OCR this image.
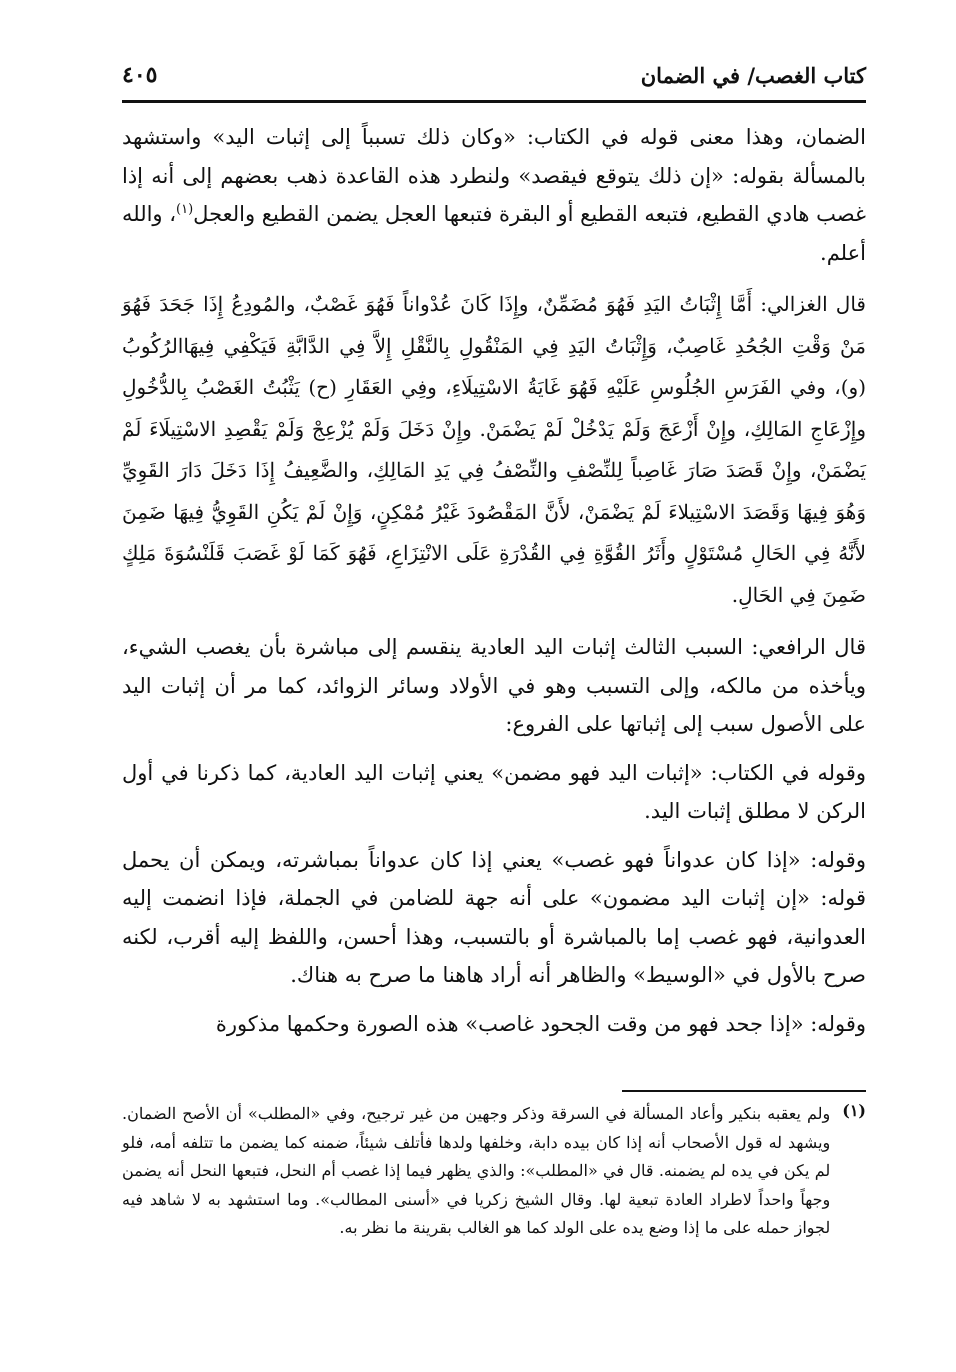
كتاب الغصب/ في الضمان
٤٠٥

الضمان، وهذا معنى قوله في الكتاب: «وكان ذلك تسبباً إلى إثبات اليد» واستشهد بالمسألة بقوله: «إن ذلك يتوقع فيقصد» ولنطرد هذه القاعدة ذهب بعضهم إلى أنه إذا غصب هادي القطيع، فتبعه القطيع أو البقرة فتبعها العجل يضمن القطيع والعجل$^{(١)}$، والله أعلم.

قال الغزالي: أَمَّا إِثْبَاتُ اليَدِ فَهُوَ مُضَمِّنٌ، وإِذَا كَانَ عُدْواناً فَهُوَ غَصْبٌ، والمُودِعُ إِذَا جَحَدَ فَهُوَ مَنْ وَقْتِ الجُحُدِ غَاصِبٌ، وَإِثْبَاتُ اليَدِ فِي المَنْقُولِ بِالنَّقْلِ إِلاَّ فِي الدَّابَّةِ فَيَكْفِي فِيهَاالرُكُوبُ (و)، وفي الفَرَسِ الجُلُوسِ عَلَيْهِ فَهُوَ غَايَةُ الاسْتِيلَاءِ، وفِي العَقَارِ (ح) يَثْبُتُ الغَصْبُ بِالدُّخُولِ وإِزْعَاجِ المَالِكِ، وإِنْ أَزْعَجَ وَلَمْ يَدْخُلْ لَمْ يَضْمَنْ. وإِنْ دَخَلَ وَلَمْ يُزْعِجْ وَلَمْ يَقْصِدِ الاسْتِيلَاءَ لَمْ يَضْمَنْ، وإِنْ قَصَدَ صَارَ غَاصِباً لِلنِّصْفِ والنِّصْفُ فِي يَدِ المَالِكِ، والضَّعِيفُ إِذَا دَخَلَ دَارَ القَوِيِّ وَهُوَ فِيهَا وَقَصَدَ الاسْتِيلاءَ لَمْ يَضْمَنْ، لأَنَّ المَقْصُودَ غَيْرُ مُمْكِنٍ، وَإِنْ لَمْ يَكُنِ القَوِيُّ فِيهَا ضَمِنَ لأَنَّهُ فِي الحَالِ مُسْتَوْلٍ وأَثَرُ القُوَّةِ فِي القُدْرَةِ عَلَى الانْتِزَاعِ، فَهُوَ كَمَا لَوْ غَصَبَ قَلَنْسُوَةَ مَلِكٍ ضَمِنَ فِي الحَالِ.

قال الرافعي: السبب الثالث إثبات اليد العادية ينقسم إلى مباشرة بأن يغصب الشيء، ويأخذه من مالكه، وإلى التسبب وهو في الأولاد وسائر الزوائد، كما مر أن إثبات اليد على الأصول سبب إلى إثباتها على الفروع:

وقوله في الكتاب: «إثبات اليد فهو مضمن» يعني إثبات اليد العادية، كما ذكرنا في أول الركن لا مطلق إثبات اليد.

وقوله: «إذا كان عدواناً فهو غصب» يعني إذا كان عدواناً بمباشرته، ويمكن أن يحمل قوله: «إن إثبات اليد مضمون» على أنه جهة للضامن في الجملة، فإذا انضمت إليه العدوانية، فهو غصب إما بالمباشرة أو بالتسبب، وهذا أحسن، واللفظ إليه أقرب، لكنه صرح بالأول في «الوسيط» والظاهر أنه أراد هاهنا ما صرح به هناك.

وقوله: «إذا جحد فهو من وقت الجحود غاصب» هذه الصورة وحكمها مذكورة

(١)
ولم يعقبه بنكير وأعاد المسألة في السرقة وذكر وجهين من غير ترجيح، وفي «المطلب» أن الأصح الضمان. ويشهد له قول الأصحاب أنه إذا كان بيده دابة، وخلفها ولدها فأتلف شيئاً، ضمنه كما يضمن ما تتلفه أمه، فلو لم يكن في يده لم يضمنه. قال في «المطلب»: والذي يظهر فيما إذا غصب أم النحل، فتبعها النحل أنه يضمن وجهاً واحداً لاطراد العادة تبعية لها. وقال الشيخ زكريا في «أسنى المطالب». وما استشهد به لا شاهد فيه لجواز حمله على ما إذا وضع يده على الولد كما هو الغالب بقرينة ما نظر به.
